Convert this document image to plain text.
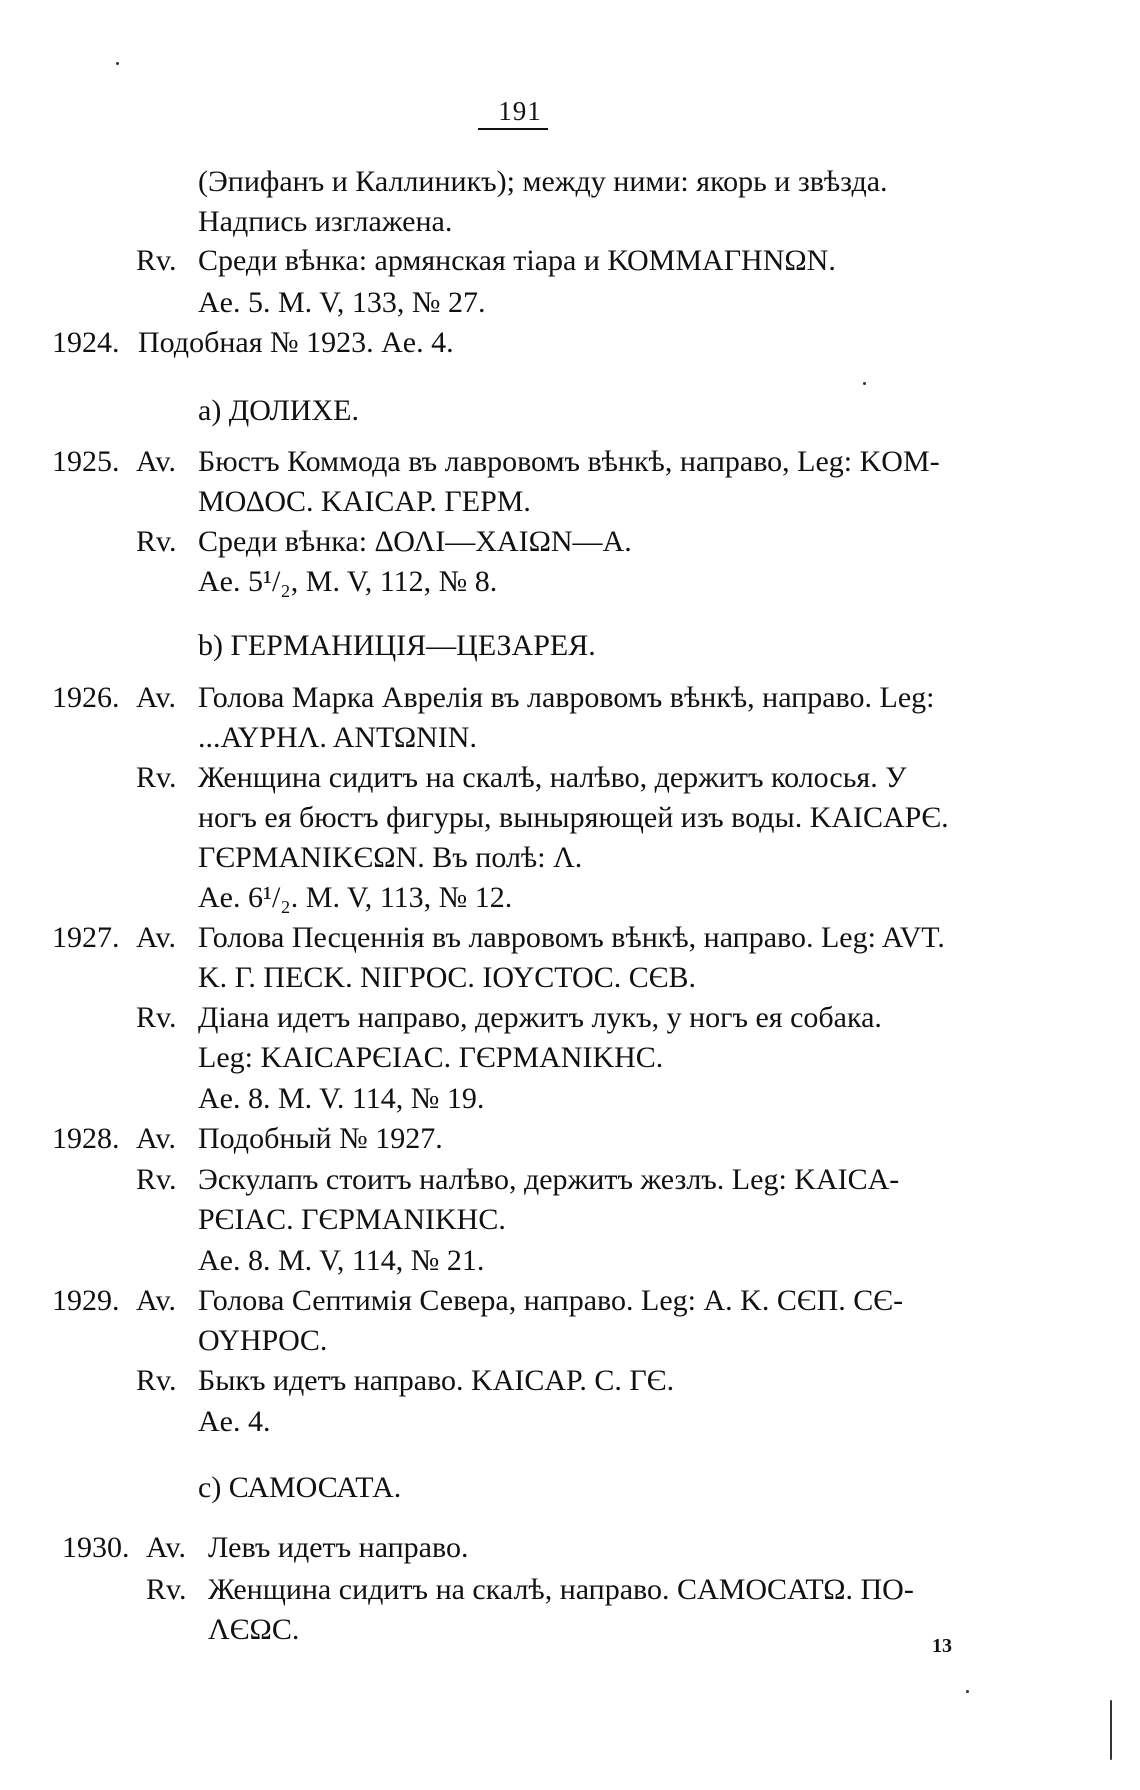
191
(Эпифанъ и Каллиникъ); между ними: якорь и звѣзда.
Надпись изглажена.
Rv. Среди вѣнка: армянская тіара и ΚΟΜΜΑΓΗΝΩΝ.
Ae. 5. M. V, 133, № 27.
1924. Подобная № 1923. Ae. 4.
a) ДОЛИХЕ.
1925. Av. Бюстъ Коммода въ лавровомъ вѣнкѣ, направо, Leg: KOM-
ΜΟΔΟC. ΚΑΙCΑΡ. ΓΕΡΜ.
Rv. Среди вѣнка: ΔΟΛΙ—ΧΑΙΩΝ—Α.
Ae. 5¹/₂, M. V, 112, № 8.
b) ГЕРМАНИЦІЯ—ЦЕЗАРЕЯ.
1926. Av. Голова Марка Аврелія въ лавровомъ вѣнкѣ, направо. Leg:
...ΑΥΡΗΛ. ΑΝΤΩΝΙΝ.
Rv. Женщина сидитъ на скалѣ, налѣво, держитъ колосья. У
ногъ ея бюстъ фигуры, выныряющей изъ воды. ΚΑΙCΑΡЄ.
ΓЄΡΜΑΝΙΚЄΩΝ. Въ полѣ: Λ.
Ae. 6¹/₂. M. V, 113, № 12.
1927. Av. Голова Песценнія въ лавровомъ вѣнкѣ, направо. Leg: AVT.
Κ. Γ. ΠΕCΚ. ΝΙΓΡΟC. ΙΟΥCΤΟC. CЄΒ.
Rv. Діана идетъ направо, держитъ лукъ, у ногъ ея собака.
Leg: ΚΑΙCΑΡЄΙΑC. ΓЄΡΜΑΝΙΚΗC.
Ae. 8. M. V. 114, № 19.
1928. Av. Подобный № 1927.
Rv. Эскулапъ стоитъ налѣво, держитъ жезлъ. Leg: ΚΑΙCΑ-
ΡЄΙΑC. ΓЄΡΜΑΝΙΚΗC.
Ae. 8. M. V, 114, № 21.
1929. Av. Голова Септимія Севера, направо. Leg: Α. Κ. CЄΠ. CЄ-
ΟΥΗΡΟC.
Rv. Быкъ идетъ направо. ΚΑΙCΑΡ. C. ΓЄ.
Ae. 4.
c) САМОСАТА.
1930. Av. Левъ идетъ направо.
Rv. Женщина сидитъ на скалѣ, направо. CΑΜΟCΑΤΩ. ΠΟ-
ΛЄΩC.	13
